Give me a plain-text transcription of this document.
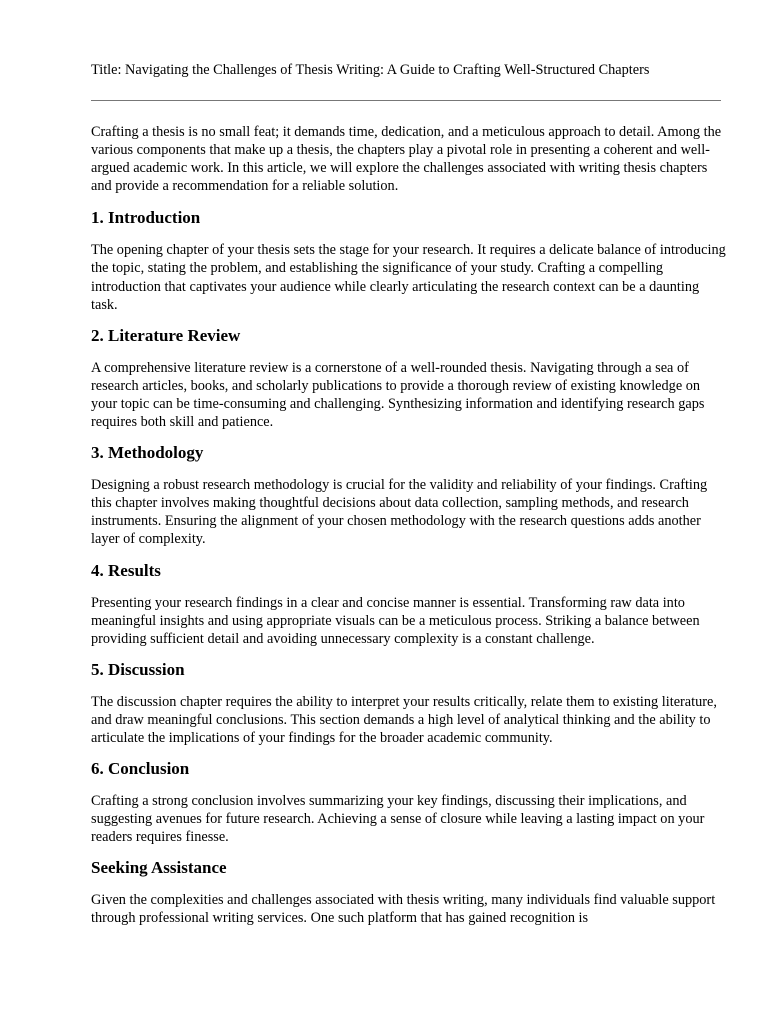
Title: Navigating the Challenges of Thesis Writing: A Guide to Crafting Well-Structured Chapters

Crafting a thesis is no small feat; it demands time, dedication, and a meticulous approach to detail. Among the various components that make up a thesis, the chapters play a pivotal role in presenting a coherent and well-argued academic work. In this article, we will explore the challenges associated with writing thesis chapters and provide a recommendation for a reliable solution.

1. Introduction

The opening chapter of your thesis sets the stage for your research. It requires a delicate balance of introducing the topic, stating the problem, and establishing the significance of your study. Crafting a compelling introduction that captivates your audience while clearly articulating the research context can be a daunting task.

2. Literature Review

A comprehensive literature review is a cornerstone of a well-rounded thesis. Navigating through a sea of research articles, books, and scholarly publications to provide a thorough review of existing knowledge on your topic can be time-consuming and challenging. Synthesizing information and identifying research gaps requires both skill and patience.

3. Methodology

Designing a robust research methodology is crucial for the validity and reliability of your findings. Crafting this chapter involves making thoughtful decisions about data collection, sampling methods, and research instruments. Ensuring the alignment of your chosen methodology with the research questions adds another layer of complexity.

4. Results

Presenting your research findings in a clear and concise manner is essential. Transforming raw data into meaningful insights and using appropriate visuals can be a meticulous process. Striking a balance between providing sufficient detail and avoiding unnecessary complexity is a constant challenge.

5. Discussion

The discussion chapter requires the ability to interpret your results critically, relate them to existing literature, and draw meaningful conclusions. This section demands a high level of analytical thinking and the ability to articulate the implications of your findings for the broader academic community.

6. Conclusion

Crafting a strong conclusion involves summarizing your key findings, discussing their implications, and suggesting avenues for future research. Achieving a sense of closure while leaving a lasting impact on your readers requires finesse.

Seeking Assistance

Given the complexities and challenges associated with thesis writing, many individuals find valuable support through professional writing services. One such platform that has gained recognition is
